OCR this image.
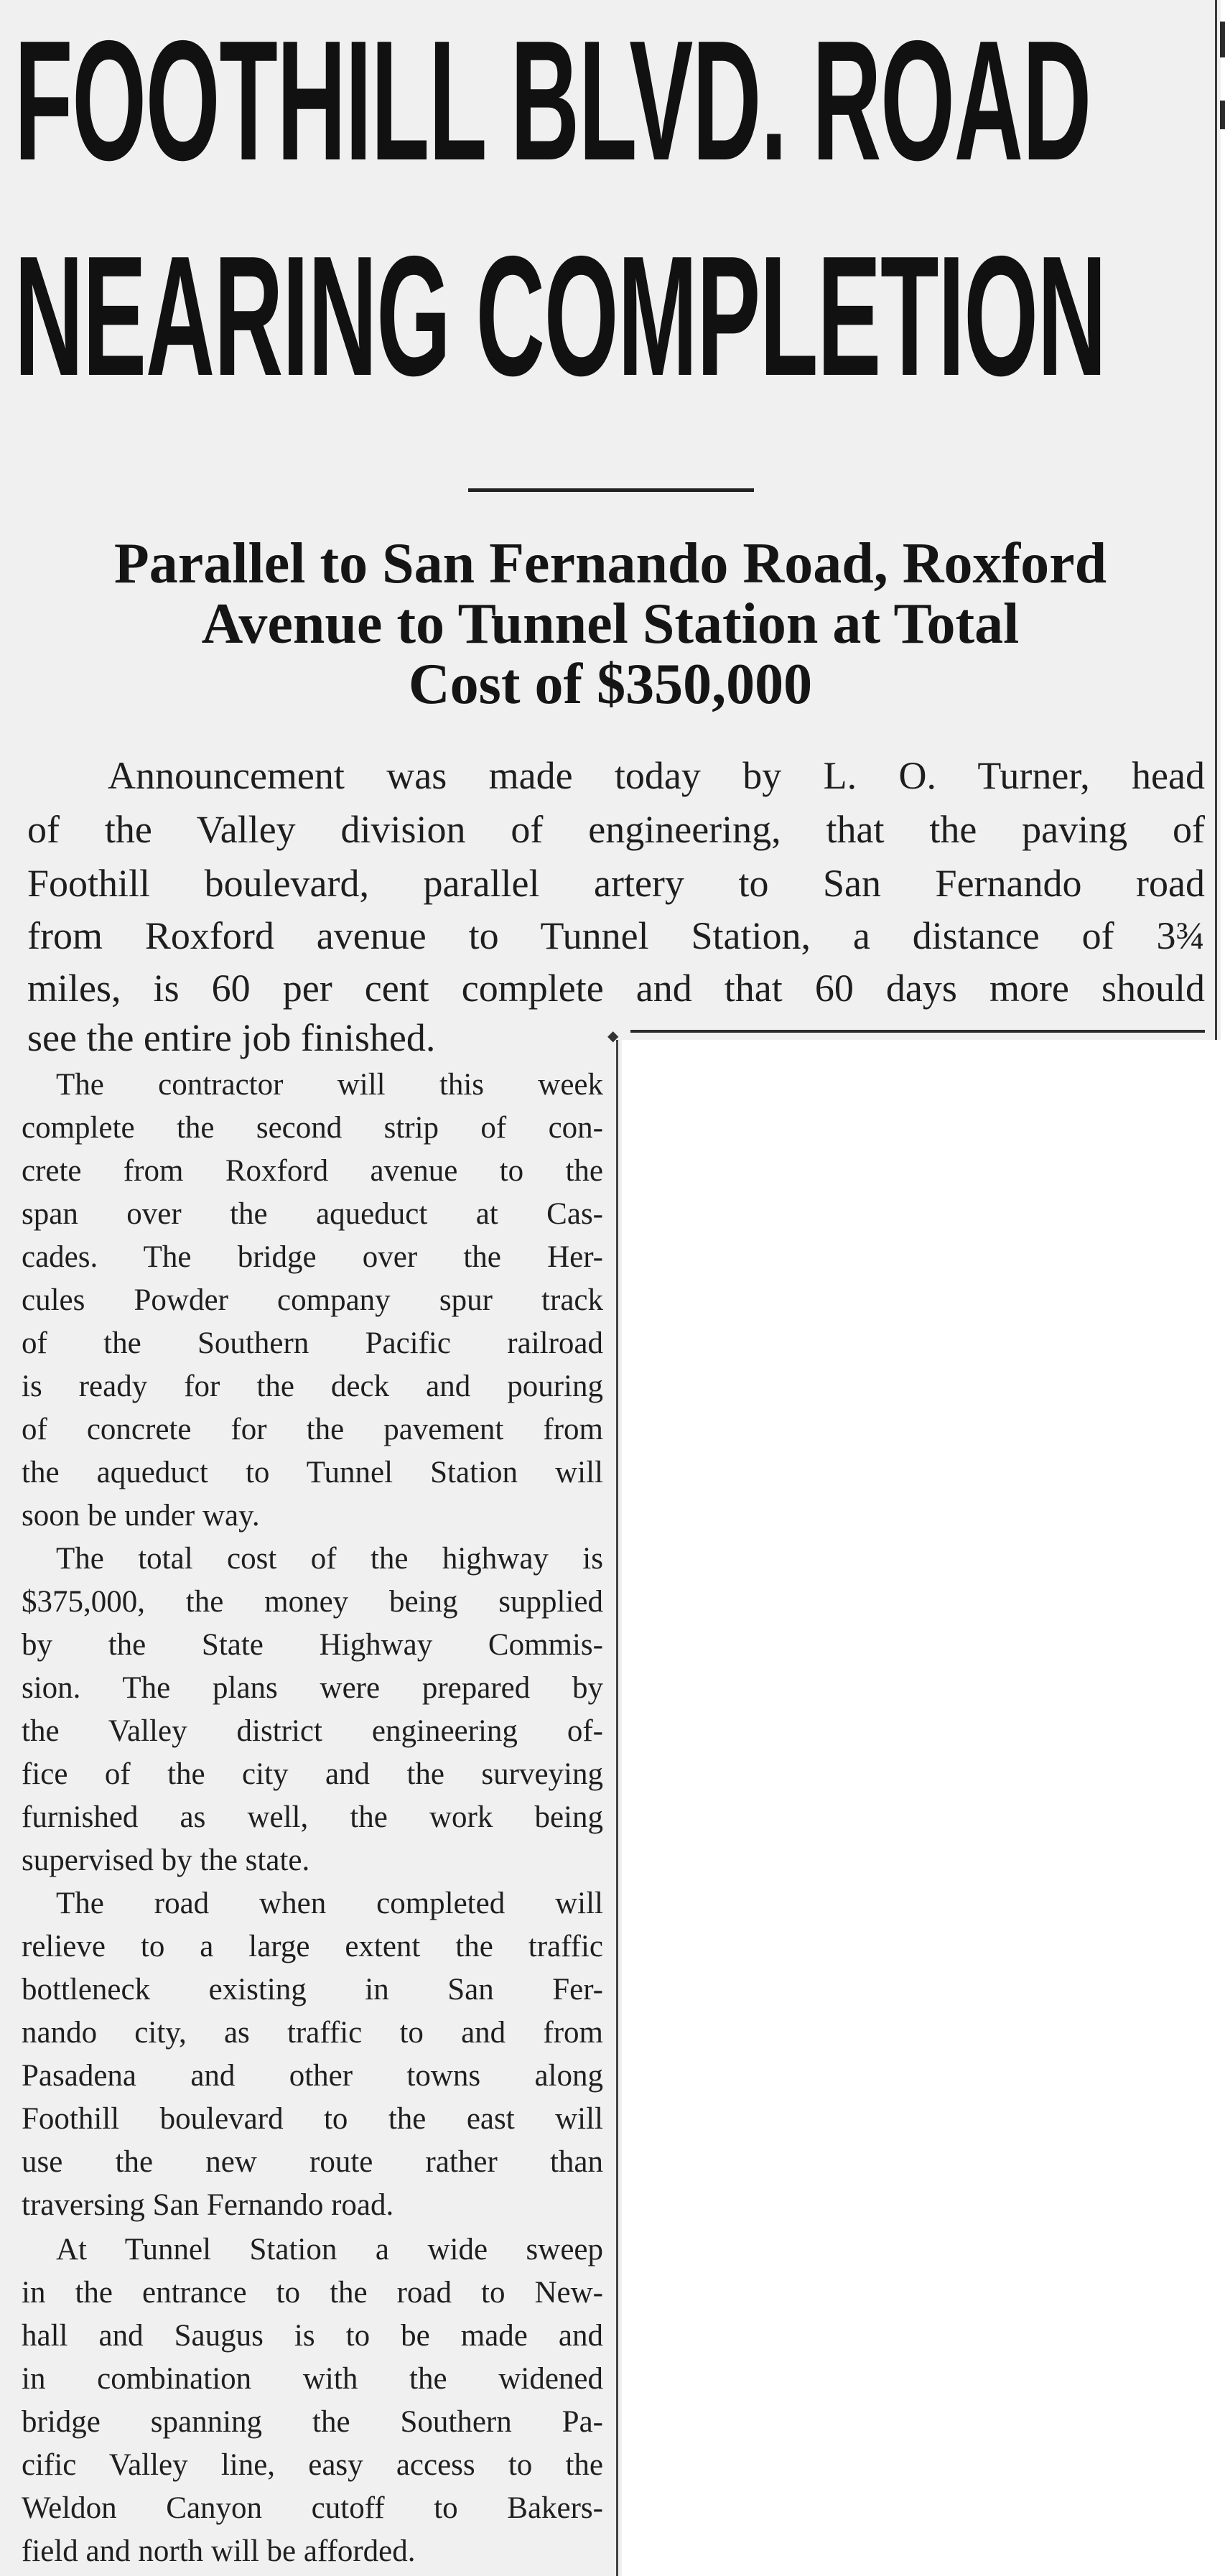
FOOTHILL BLVD. ROAD
NEARING COMPLETION
Parallel to San Fernando Road, Roxford
Avenue to Tunnel Station at Total
Cost of $350,000
Announcement was made today by L. O. Turner, head
of the Valley division of engineering, that the paving of
Foothill boulevard, parallel artery to San Fernando road
from Roxford avenue to Tunnel Station, a distance of 3¾
miles, is 60 per cent complete and that 60 days more should
see the entire job finished.	◆
The contractor will this week
complete the second strip of con-
crete from Roxford avenue to the
span over the aqueduct at Cas-
cades. The bridge over the Her-
cules Powder company spur track
of the Southern Pacific railroad
is ready for the deck and pouring
of concrete for the pavement from
the aqueduct to Tunnel Station will
soon be under way.
The total cost of the highway is
$375,000, the money being supplied
by the State Highway Commis-
sion. The plans were prepared by
the Valley district engineering of-
fice of the city and the surveying
furnished as well, the work being
supervised by the state.
The road when completed will
relieve to a large extent the traffic
bottleneck existing in San Fer-
nando city, as traffic to and from
Pasadena and other towns along
Foothill boulevard to the east will
use the new route rather than
traversing San Fernando road.
At Tunnel Station a wide sweep
in the entrance to the road to New-
hall and Saugus is to be made and
in combination with the widened
bridge spanning the Southern Pa-
cific Valley line, easy access to the
Weldon Canyon cutoff to Bakers-
field and north will be afforded.
